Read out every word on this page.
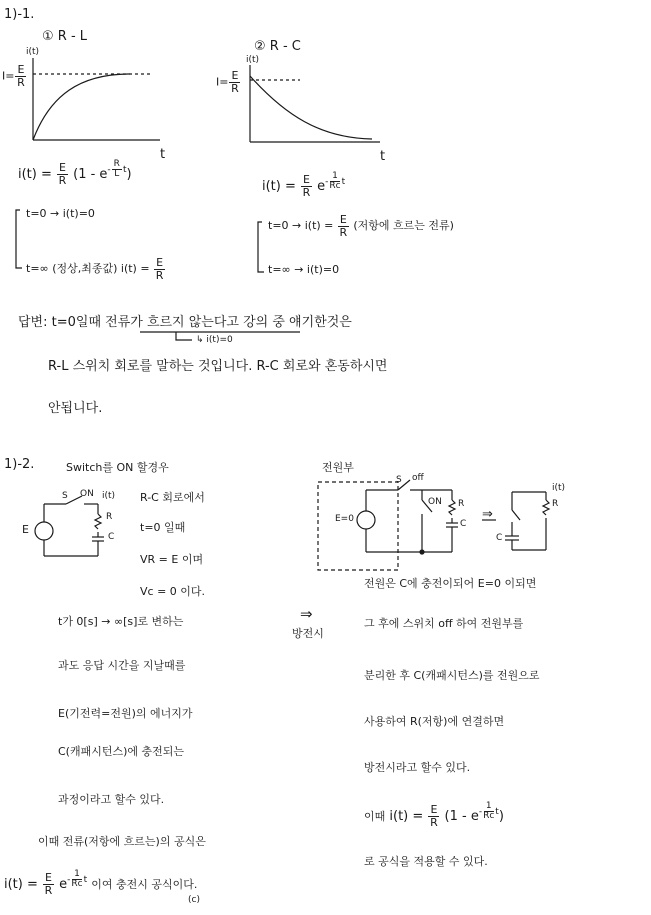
1)-1.
① R - L
i(t)
$I= \frac{E}{R}$
t
$i(t) = \frac{E}{R} (1 - e^{- \frac{R}{L} t})$
t=0 → i(t)=0
t=∞ (정상,최종값) $i(t) = \frac{E}{R}$
② R - C
i(t)
$I= \frac{E}{R}$
t
$i(t) = \frac{E}{R} e^{- \frac{1}{Rc} t}$
$t=0 \to i(t) = \frac{E}{R}$ (저항에 흐르는 전류)
t=∞ → i(t)=0
답변: t=0일때 전류가 흐르지 않는다고 강의 중 얘기한것은
↳ i(t)=0
R-L 스위치 회로를 말하는 것입니다. R-C 회로와 혼동하시면
안됩니다.
1)-2.
E
S ON i(t)
R
C
Switch를 ON 할경우
R-C 회로에서
t=0 일때
VR = E 이며
Vc = 0 이다.
t가 0[s] → ∞[s]로 변하는
과도 응답 시간을 지날때를
E(기전력=전원)의 에너지가
C(캐패시턴스)에 충전되는
과정이라고 할수 있다.
이때 전류(저항에 흐르는)의 공식은
$i(t) = \frac{E}{R} e^{- \frac{1}{Rc} t}$ 이여 충전시 공식이다.
(c)
⇒
방전시
전원부
S off
ON
E=0
R
C
C
R
i(t)
⇒
전원은 C에 충전이되어 E=0 이되면
그 후에 스위치 off 하여 전원부를
분리한 후 C(캐패시턴스)를 전원으로
사용하여 R(저항)에 연결하면
방전시라고 할수 있다.
이때 $i(t) = \frac{E}{R} (1 - e^{- \frac{1}{Rc} t})$
로 공식을 적용할 수 있다.
